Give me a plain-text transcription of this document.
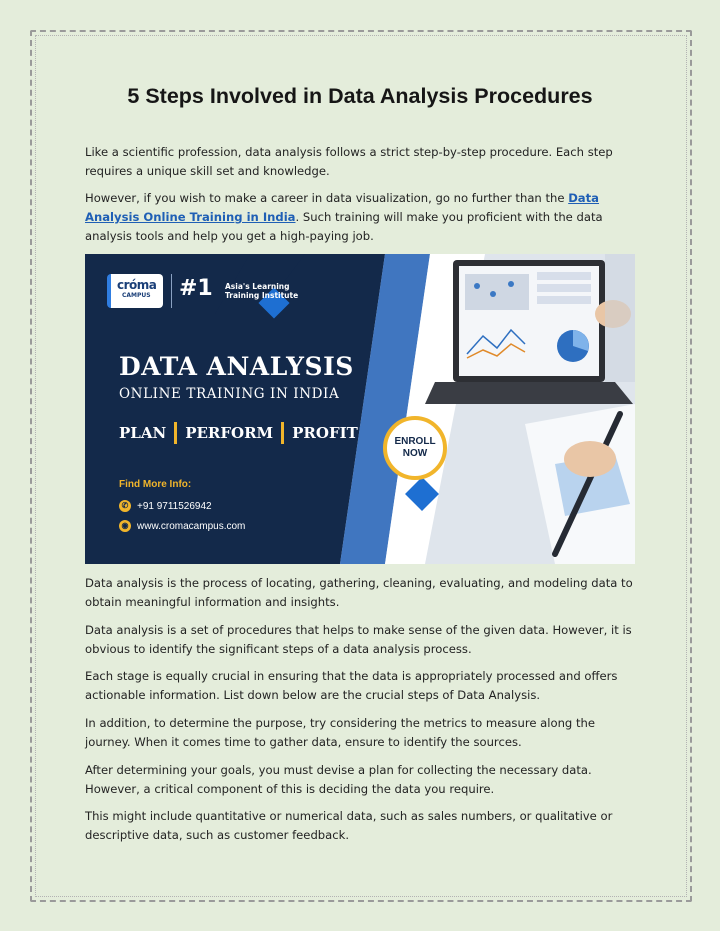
5 Steps Involved in Data Analysis Procedures

Like a scientific profession, data analysis follows a strict step-by-step procedure. Each step requires a unique skill set and knowledge.

However, if you wish to make a career in data visualization, go no further than the Data Analysis Online Training in India. Such training will make you proficient with the data analysis tools and help you get a high-paying job.

cróma
CAMPUS #1 Asia's Learning Training Institute
DATA ANALYSIS
ONLINE TRAINING IN INDIA
PLAN PERFORM PROFIT	ENROLL NOW
Find More Info:
✆ +91 9711526942
◉ www.cromacampus.com

Data analysis is the process of locating, gathering, cleaning, evaluating, and modeling data to obtain meaningful information and insights.

Data analysis is a set of procedures that helps to make sense of the given data. However, it is obvious to identify the significant steps of a data analysis process.

Each stage is equally crucial in ensuring that the data is appropriately processed and offers actionable information. List down below are the crucial steps of Data Analysis.

In addition, to determine the purpose, try considering the metrics to measure along the journey. When it comes time to gather data, ensure to identify the sources.

After determining your goals, you must devise a plan for collecting the necessary data. However, a critical component of this is deciding the data you require.

This might include quantitative or numerical data, such as sales numbers, or qualitative or descriptive data, such as customer feedback.
